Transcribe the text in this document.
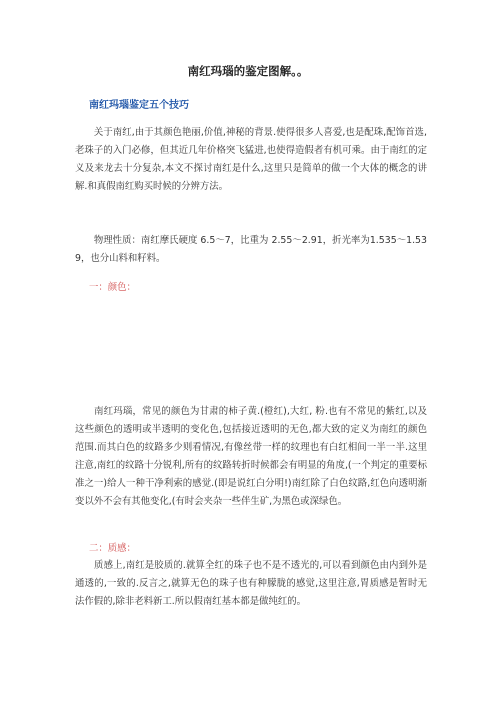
南红玛瑙的鉴定图解。。
南红玛瑙鉴定五个技巧
　　关于南红,由于其颜色艳丽,价值,神秘的背景.使得很多人喜爱,也是配珠,配饰首选,老珠子的入门必修，但其近几年价格突飞猛进,也使得造假者有机可乘。由于南红的定义及来龙去十分复杂,本文不探讨南红是什么,这里只是简单的做一个大体的概念的讲解.和真假南红购买时候的分辨方法。
　　物理性质：南红摩氏硬度 6.5～7，比重为 2.55～2.91，折光率为1.535～1.539，也分山料和籽料。
一：颜色：
　　南红玛瑙，常见的颜色为甘肃的柿子黄.(橙红),大红, 粉.也有不常见的紫红,以及这些颜色的透明或半透明的变化色,包括接近透明的无色,都大致的定义为南红的颜色范围.而其白色的纹路多少则看情况,有像丝带一样的纹理也有白红相间一半一半.这里注意,南红的纹路十分锐利,所有的纹路转折时候都会有明显的角度,(一个判定的重要标准之一)给人一种干净利索的感觉.(即是说红白分明!)南红除了白色纹路,红色向透明渐变以外不会有其他变化,(有时会夹杂一些伴生矿,为黑色或深绿色。
二：质感：
　　质感上,南红是胶质的.就算全红的珠子也不是不透光的,可以看到颜色由内到外是通透的,一致的.反言之,就算无色的珠子也有种朦胧的感觉,这里注意,胃质感是暂时无法作假的,除非老料新工.所以假南红基本都是做纯红的。
